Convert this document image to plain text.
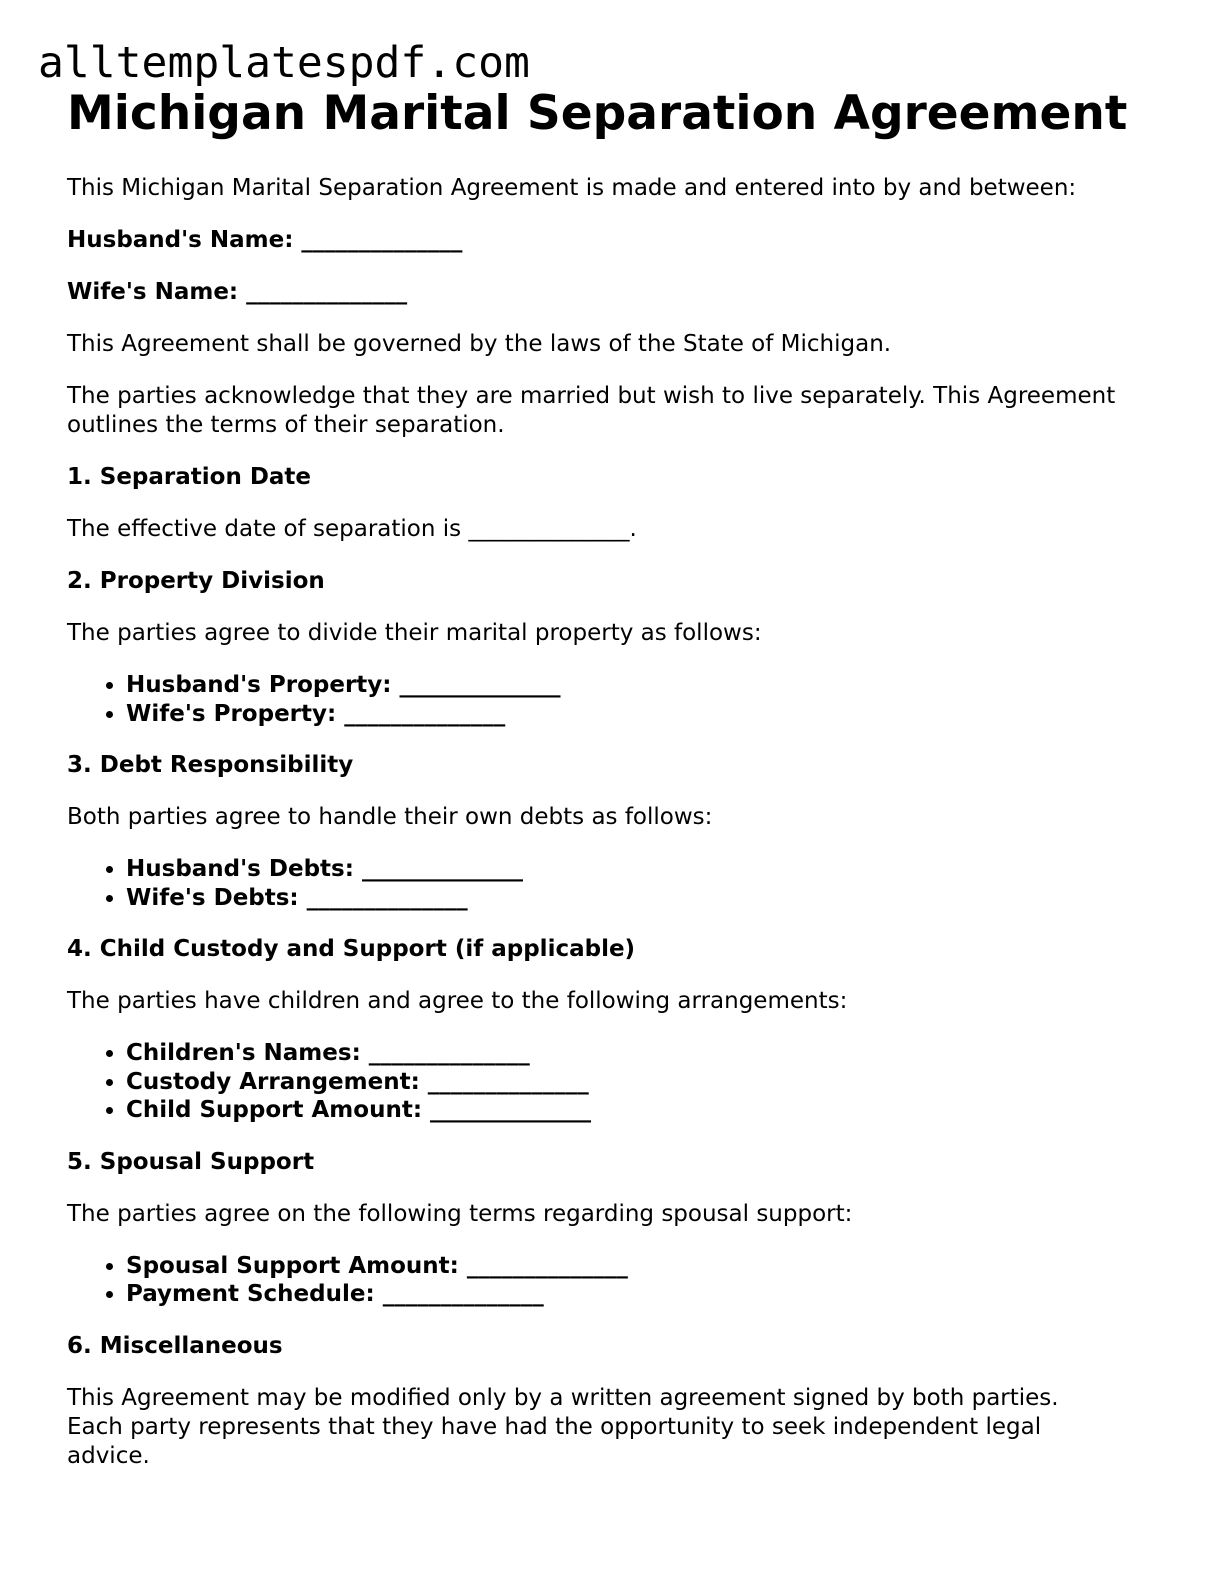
alltemplatespdf.com
Michigan Marital Separation Agreement

This Michigan Marital Separation Agreement is made and entered into by and between:

Husband's Name: ______________

Wife's Name: ______________

This Agreement shall be governed by the laws of the State of Michigan.

The parties acknowledge that they are married but wish to live separately. This Agreement outlines the terms of their separation.

1. Separation Date

The effective date of separation is ______________.

2. Property Division

The parties agree to divide their marital property as follows:

• Husband's Property: ______________
• Wife's Property: ______________
3. Debt Responsibility

Both parties agree to handle their own debts as follows:

• Husband's Debts: ______________
• Wife's Debts: ______________
4. Child Custody and Support (if applicable)

The parties have children and agree to the following arrangements:

• Children's Names: ______________
• Custody Arrangement: ______________
• Child Support Amount: ______________
5. Spousal Support

The parties agree on the following terms regarding spousal support:

• Spousal Support Amount: ______________
• Payment Schedule: ______________
6. Miscellaneous

This Agreement may be modified only by a written agreement signed by both parties. Each party represents that they have had the opportunity to seek independent legal advice.
